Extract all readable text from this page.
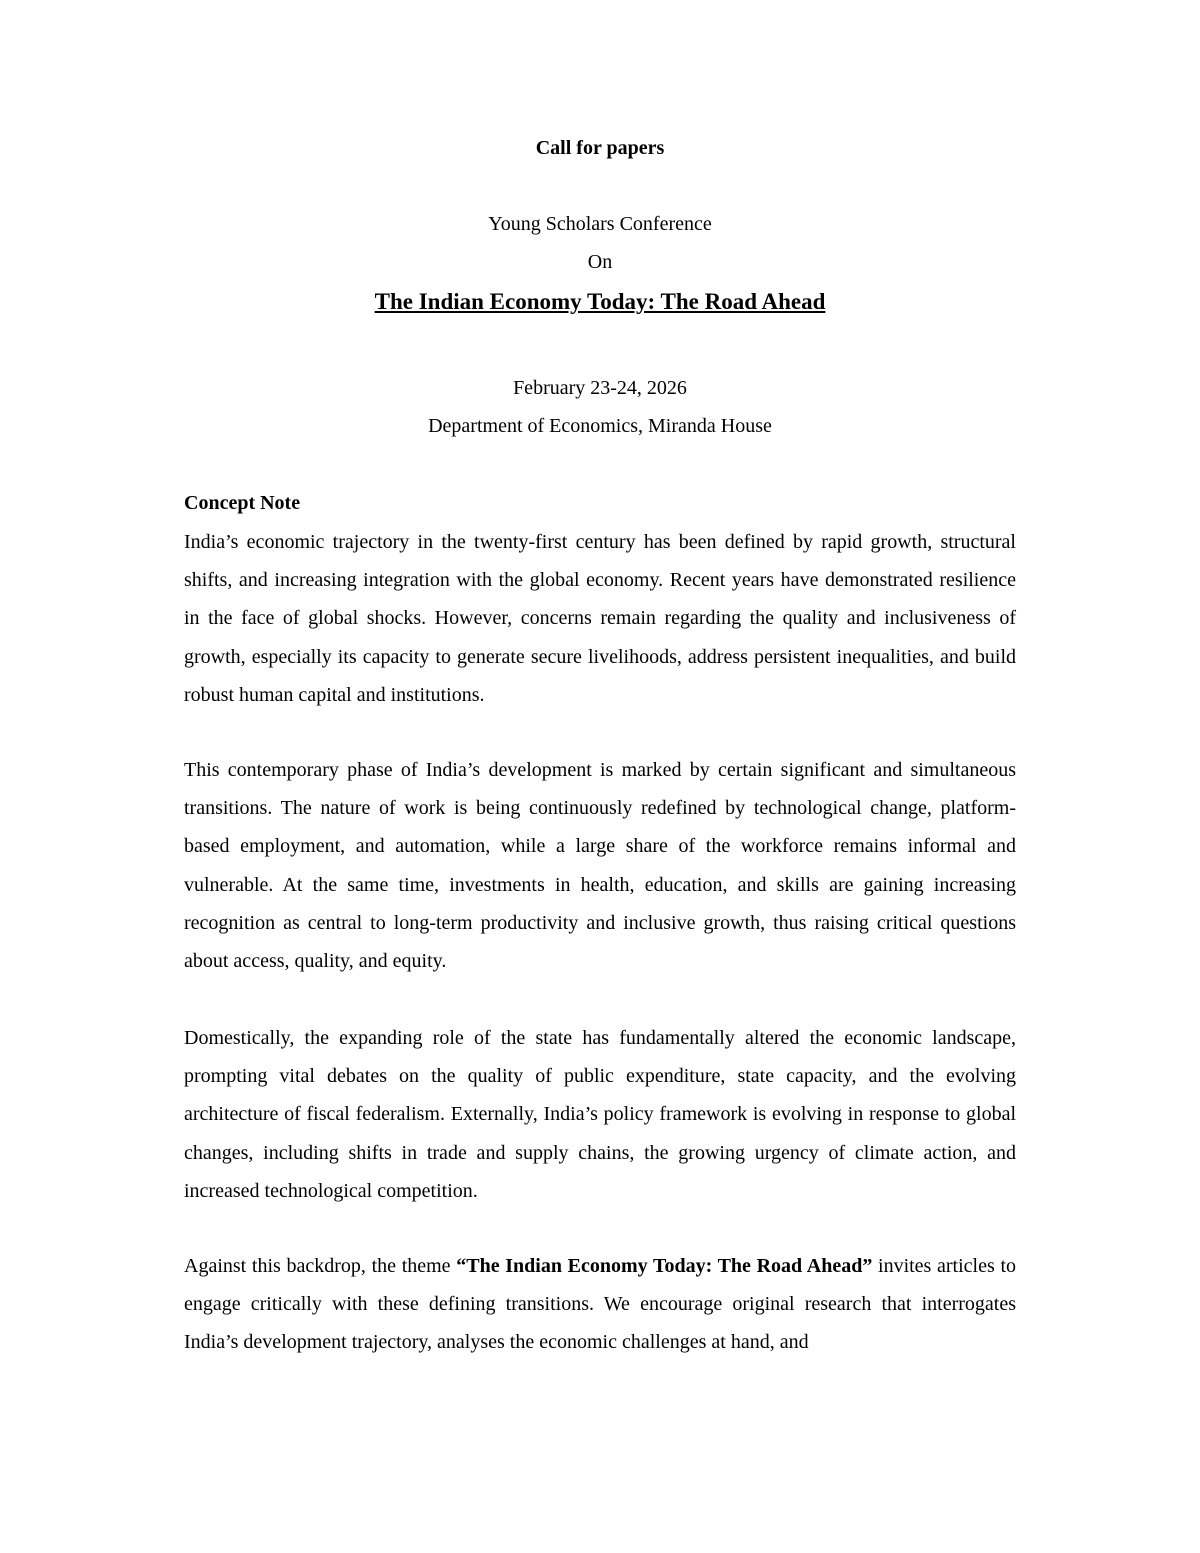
Call for papers
Young Scholars Conference
On
The Indian Economy Today: The Road Ahead
February 23-24, 2026
Department of Economics, Miranda House
Concept Note

India’s economic trajectory in the twenty-first century has been defined by rapid growth, structural shifts, and increasing integration with the global economy. Recent years have demonstrated resilience in the face of global shocks. However, concerns remain regarding the quality and inclusiveness of growth, especially its capacity to generate secure livelihoods, address persistent inequalities, and build robust human capital and institutions.

This contemporary phase of India’s development is marked by certain significant and simultaneous transitions. The nature of work is being continuously redefined by technological change, platform-based employment, and automation, while a large share of the workforce remains informal and vulnerable. At the same time, investments in health, education, and skills are gaining increasing recognition as central to long-term productivity and inclusive growth, thus raising critical questions about access, quality, and equity.

Domestically, the expanding role of the state has fundamentally altered the economic landscape, prompting vital debates on the quality of public expenditure, state capacity, and the evolving architecture of fiscal federalism. Externally, India’s policy framework is evolving in response to global changes, including shifts in trade and supply chains, the growing urgency of climate action, and increased technological competition.

Against this backdrop, the theme “The Indian Economy Today: The Road Ahead” invites articles to engage critically with these defining transitions. We encourage original research that interrogates India’s development trajectory, analyses the economic challenges at hand, and
